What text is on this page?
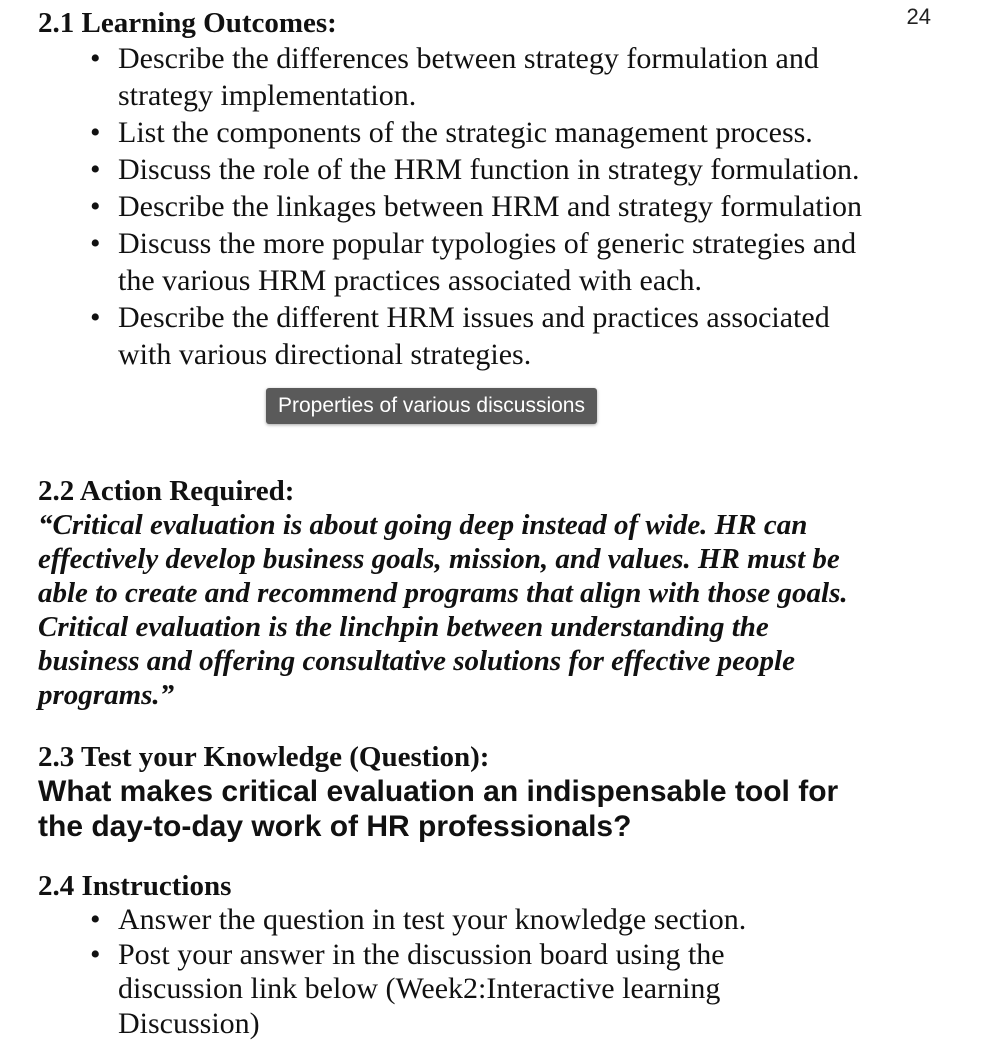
24
2.1 Learning Outcomes:
• Describe the differences between strategy formulation and strategy implementation.
• List the components of the strategic management process.
• Discuss the role of the HRM function in strategy formulation.
• Describe the linkages between HRM and strategy formulation
• Discuss the more popular typologies of generic strategies and the various HRM practices associated with each.
• Describe the different HRM issues and practices associated with various directional strategies.
Properties of various discussions
2.2 Action Required:

“Critical evaluation is about going deep instead of wide. HR can effectively develop business goals, mission, and values. HR must be able to create and recommend programs that align with those goals. Critical evaluation is the linchpin between understanding the business and offering consultative solutions for effective people programs.”

2.3 Test your Knowledge (Question):

What makes critical evaluation an indispensable tool for the day-to-day work of HR professionals?

2.4 Instructions
• Answer the question in test your knowledge section.
• Post your answer in the discussion board using the discussion link below (Week2:Interactive learning Discussion)
